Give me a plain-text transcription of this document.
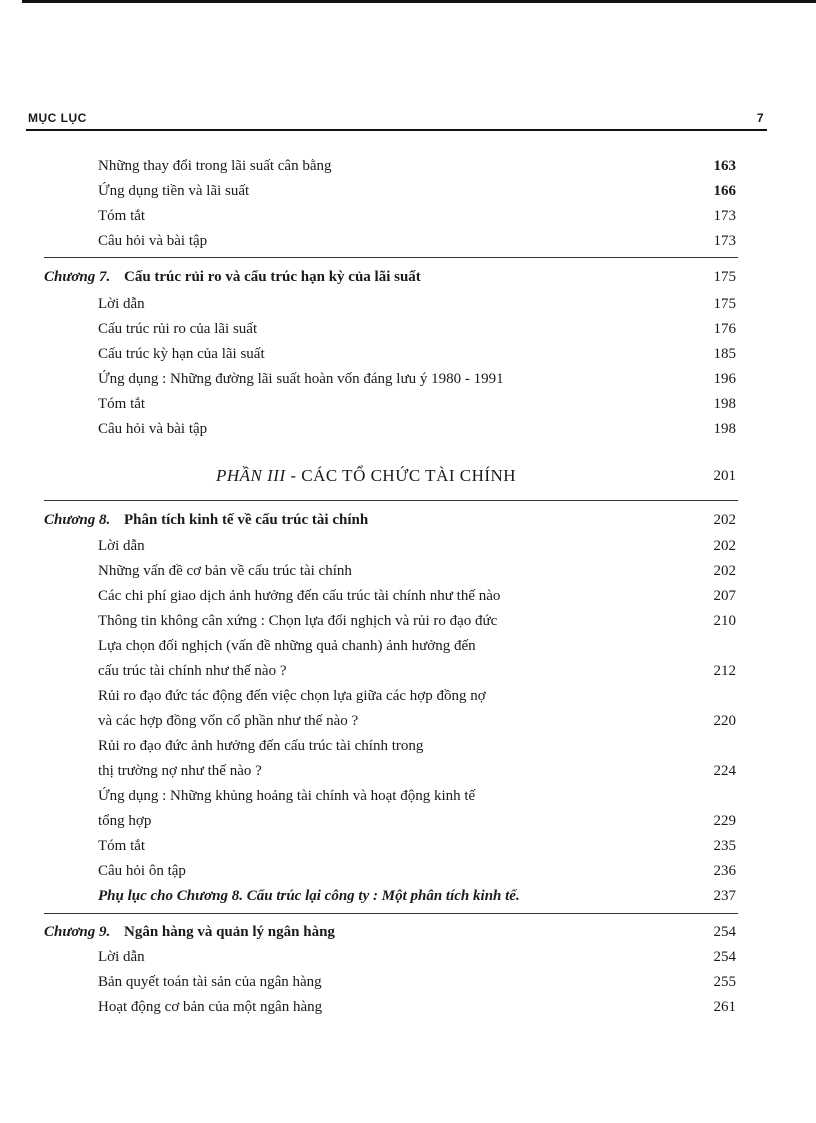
MỤC LỤC	7
Những thay đổi trong lãi suất cân bằng	163
Ứng dụng tiền và lãi suất	166
Tóm tắt	173
Câu hỏi và bài tập	173
Chương 7. Cấu trúc rủi ro và cấu trúc hạn kỳ của lãi suất	175
Lời dẫn	175
Cấu trúc rủi ro của lãi suất	176
Cấu trúc kỳ hạn của lãi suất	185
Ứng dụng : Những đường lãi suất hoàn vốn đáng lưu ý 1980 - 1991	196
Tóm tắt	198
Câu hỏi và bài tập	198
PHẦN III - CÁC TỔ CHỨC TÀI CHÍNH	201
Chương 8. Phân tích kinh tế về cấu trúc tài chính	202
Lời dẫn	202
Những vấn đề cơ bản về cấu trúc tài chính	202
Các chi phí giao dịch ảnh hưởng đến cấu trúc tài chính như thế nào	207
Thông tin không cân xứng : Chọn lựa đối nghịch và rủi ro đạo đức	210
Lựa chọn đối nghịch (vấn đề những quả chanh) ảnh hưởng đến
cấu trúc tài chính như thế nào ?	212
Rủi ro đạo đức tác động đến việc chọn lựa giữa các hợp đồng nợ
và các hợp đồng vốn cổ phần như thế nào ?	220
Rủi ro đạo đức ảnh hưởng đến cấu trúc tài chính trong
thị trường nợ như thế nào ?	224
Ứng dụng : Những khủng hoảng tài chính và hoạt động kinh tế
tổng hợp	229
Tóm tắt	235
Câu hỏi ôn tập	236
Phụ lục cho Chương 8. Cấu trúc lại công ty : Một phân tích kinh tế.	237
Chương 9. Ngân hàng và quản lý ngân hàng	254
Lời dẫn	254
Bản quyết toán tài sản của ngân hàng	255
Hoạt động cơ bản của một ngân hàng	261
